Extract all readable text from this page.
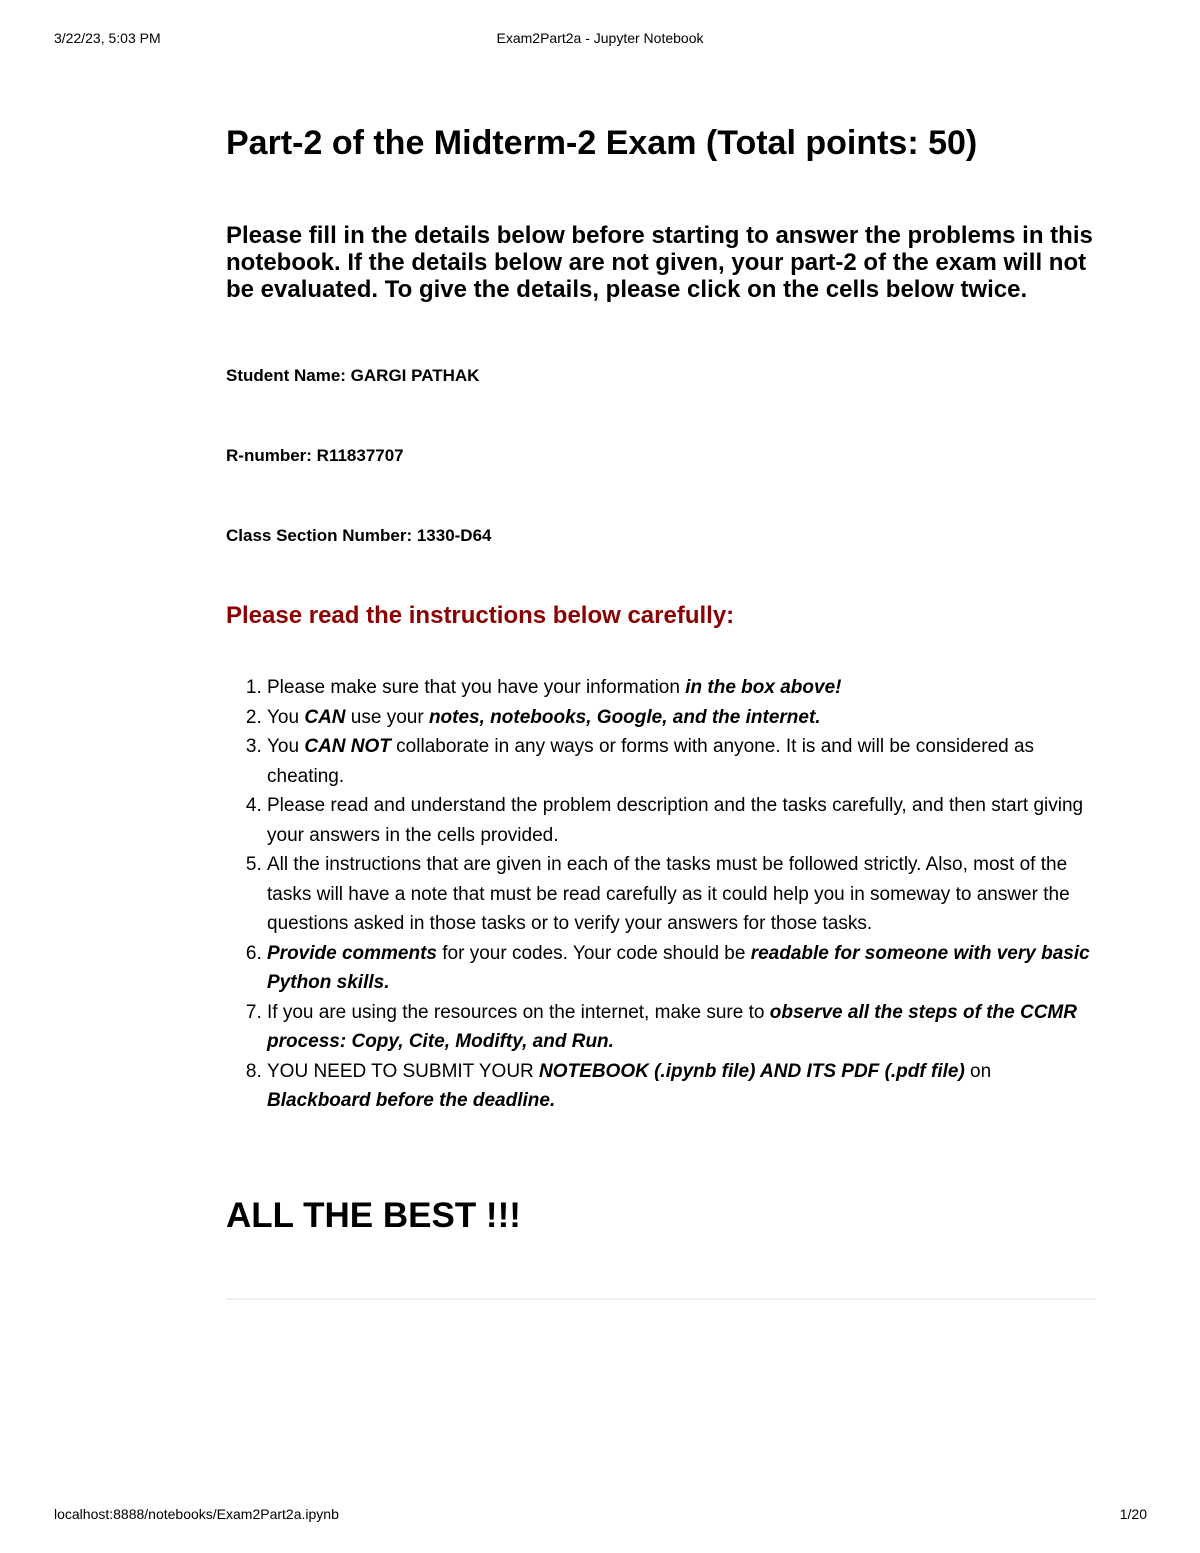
3/22/23, 5:03 PM	Exam2Part2a - Jupyter Notebook
Part-2 of the Midterm-2 Exam (Total points: 50)
Please fill in the details below before starting to answer the problems in this notebook. If the details below are not given, your part-2 of the exam will not be evaluated. To give the details, please click on the cells below twice.

Student Name: GARGI PATHAK

R-number: R11837707

Class Section Number: 1330-D64

Please read the instructions below carefully:
1. Please make sure that you have your information in the box above!
2. You CAN use your notes, notebooks, Google, and the internet.
3. You CAN NOT collaborate in any ways or forms with anyone. It is and will be considered as cheating.
4. Please read and understand the problem description and the tasks carefully, and then start giving your answers in the cells provided.
5. All the instructions that are given in each of the tasks must be followed strictly. Also, most of the tasks will have a note that must be read carefully as it could help you in someway to answer the questions asked in those tasks or to verify your answers for those tasks.
6. Provide comments for your codes. Your code should be readable for someone with very basic Python skills.
7. If you are using the resources on the internet, make sure to observe all the steps of the CCMR process: Copy, Cite, Modifty, and Run.
8. YOU NEED TO SUBMIT YOUR NOTEBOOK (.ipynb file) AND ITS PDF (.pdf file) on Blackboard before the deadline.
ALL THE BEST !!!
localhost:8888/notebooks/Exam2Part2a.ipynb	1/20
